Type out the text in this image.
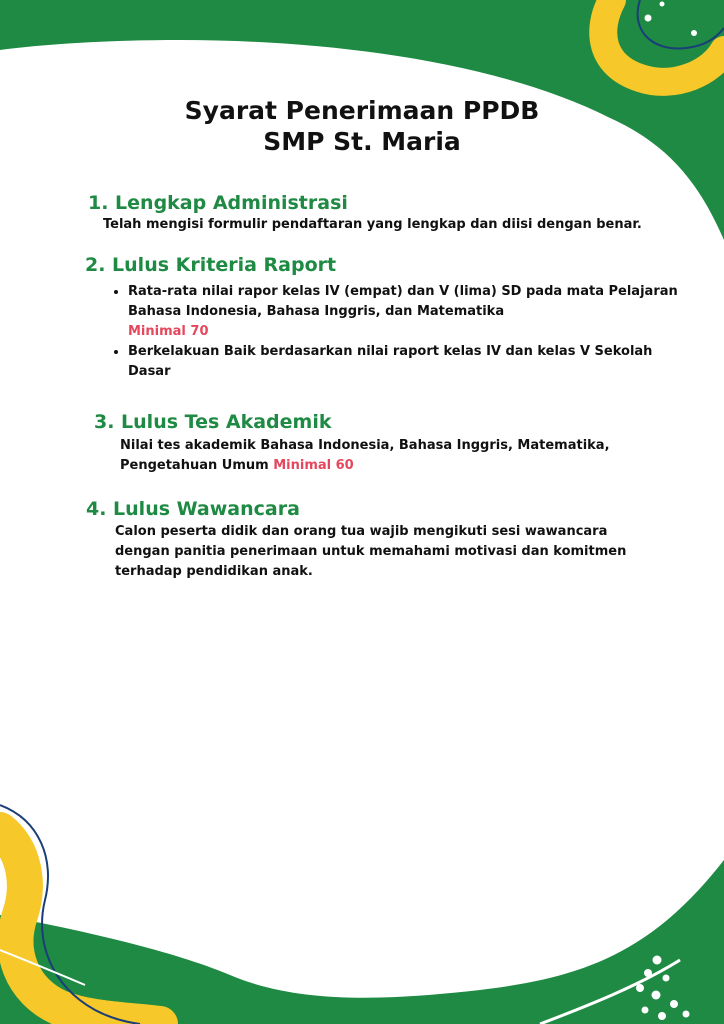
Syarat Penerimaan PPDB
SMP St. Maria
1. Lengkap Administrasi

Telah mengisi formulir pendaftaran yang lengkap dan diisi dengan benar.

2. Lulus Kriteria Raport
• Rata-rata nilai rapor kelas IV (empat) dan V (lima) SD pada mata Pelajaran Bahasa Indonesia, Bahasa Inggris, dan Matematika
Minimal 70
• Berkelakuan Baik berdasarkan nilai raport kelas IV dan kelas V Sekolah Dasar
3. Lulus Tes Akademik

Nilai tes akademik Bahasa Indonesia, Bahasa Inggris, Matematika, Pengetahuan Umum Minimal 60

4. Lulus Wawancara

Calon peserta didik dan orang tua wajib mengikuti sesi wawancara dengan panitia penerimaan untuk memahami motivasi dan komitmen terhadap pendidikan anak.
